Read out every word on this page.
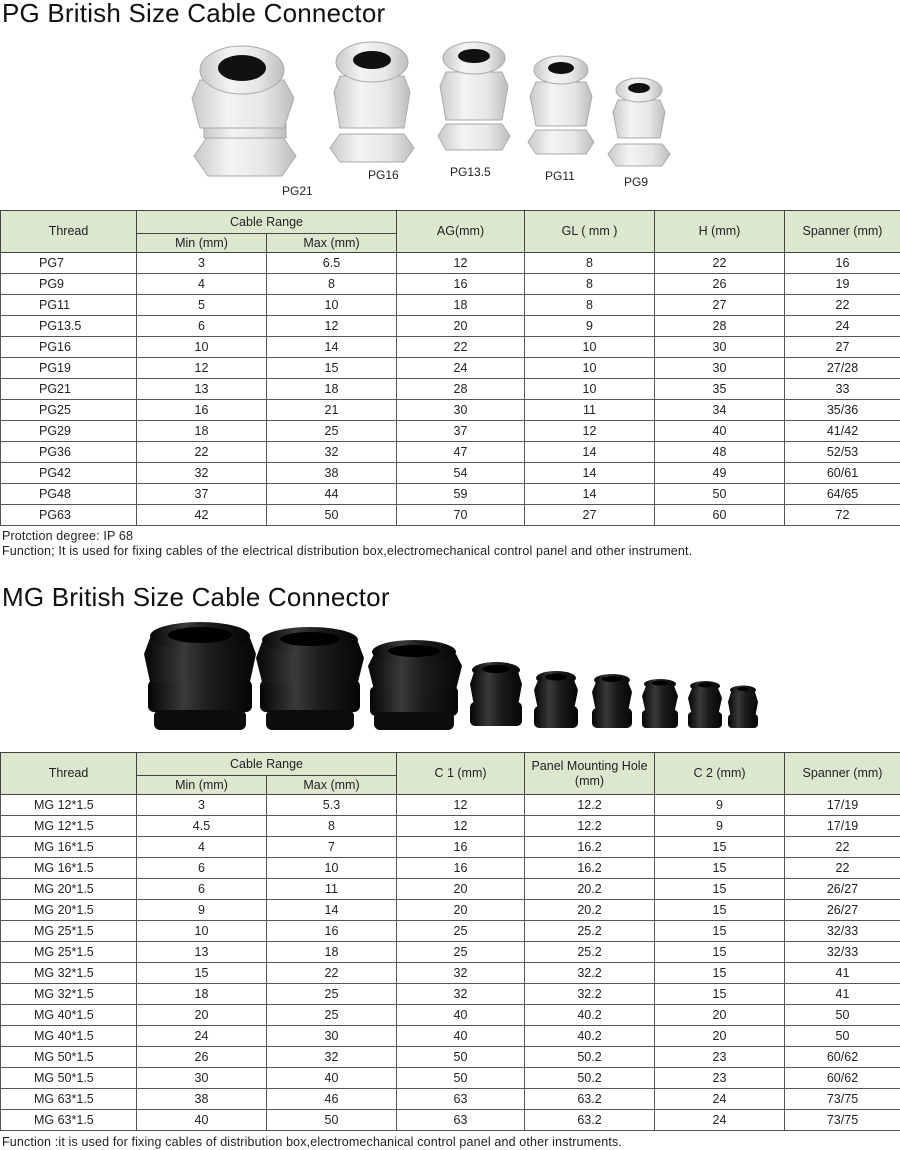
PG British Size Cable Connector
PG21
PG16	PG13.5	PG11	PG9
Thread	Cable Range		AG(mm)	GL ( mm )	H (mm)	Spanner (mm)
	Min (mm)	Max (mm)				
PG7	3	6.5	12	8	22	16
PG9	4	8	16	8	26	19
PG11	5	10	18	8	27	22
PG13.5	6	12	20	9	28	24
PG16	10	14	22	10	30	27
PG19	12	15	24	10	30	27/28
PG21	13	18	28	10	35	33
PG25	16	21	30	11	34	35/36
PG29	18	25	37	12	40	41/42
PG36	22	32	47	14	48	52/53
PG42	32	38	54	14	49	60/61
PG48	37	44	59	14	50	64/65
PG63	42	50	70	27	60	72
Protction degree: IP 68
Function; It is used for fixing cables of the electrical distribution box,electromechanical control panel and other instrument.
MG British Size Cable Connector
Thread	Cable Range		C 1 (mm)	Panel Mounting Hole (mm)	C 2 (mm)	Spanner (mm)
	Min (mm)	Max (mm)				
MG 12*1.5	3	5.3	12	12.2	9	17/19
MG 12*1.5	4.5	8	12	12.2	9	17/19
MG 16*1.5	4	7	16	16.2	15	22
MG 16*1.5	6	10	16	16.2	15	22
MG 20*1.5	6	11	20	20.2	15	26/27
MG 20*1.5	9	14	20	20.2	15	26/27
MG 25*1.5	10	16	25	25.2	15	32/33
MG 25*1.5	13	18	25	25.2	15	32/33
MG 32*1.5	15	22	32	32.2	15	41
MG 32*1.5	18	25	32	32.2	15	41
MG 40*1.5	20	25	40	40.2	20	50
MG 40*1.5	24	30	40	40.2	20	50
MG 50*1.5	26	32	50	50.2	23	60/62
MG 50*1.5	30	40	50	50.2	23	60/62
MG 63*1.5	38	46	63	63.2	24	73/75
MG 63*1.5	40	50	63	63.2	24	73/75
Function :it is used for fixing cables of distribution box,electromechanical control panel and other instruments.
